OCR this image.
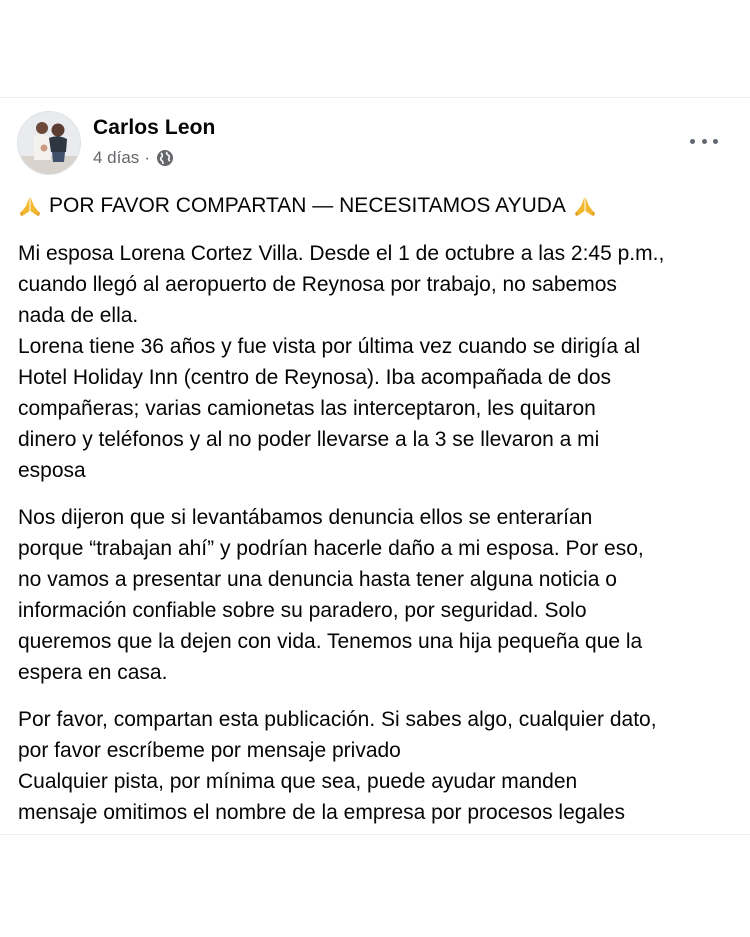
Carlos Leon
4 días ·
POR FAVOR COMPARTAN — NECESITAMOS AYUDA
Mi esposa Lorena Cortez Villa. Desde el 1 de octubre a las 2:45 p.m.,
cuando llegó al aeropuerto de Reynosa por trabajo, no sabemos
nada de ella.
Lorena tiene 36 años y fue vista por última vez cuando se dirigía al
Hotel Holiday Inn (centro de Reynosa). Iba acompañada de dos
compañeras; varias camionetas las interceptaron, les quitaron
dinero y teléfonos y al no poder llevarse a la 3 se llevaron a mi
esposa
Nos dijeron que si levantábamos denuncia ellos se enterarían
porque “trabajan ahí” y podrían hacerle daño a mi esposa. Por eso,
no vamos a presentar una denuncia hasta tener alguna noticia o
información confiable sobre su paradero, por seguridad. Solo
queremos que la dejen con vida. Tenemos una hija pequeña que la
espera en casa.
Por favor, compartan esta publicación. Si sabes algo, cualquier dato,
por favor escríbeme por mensaje privado
Cualquier pista, por mínima que sea, puede ayudar manden
mensaje omitimos el nombre de la empresa por procesos legales
